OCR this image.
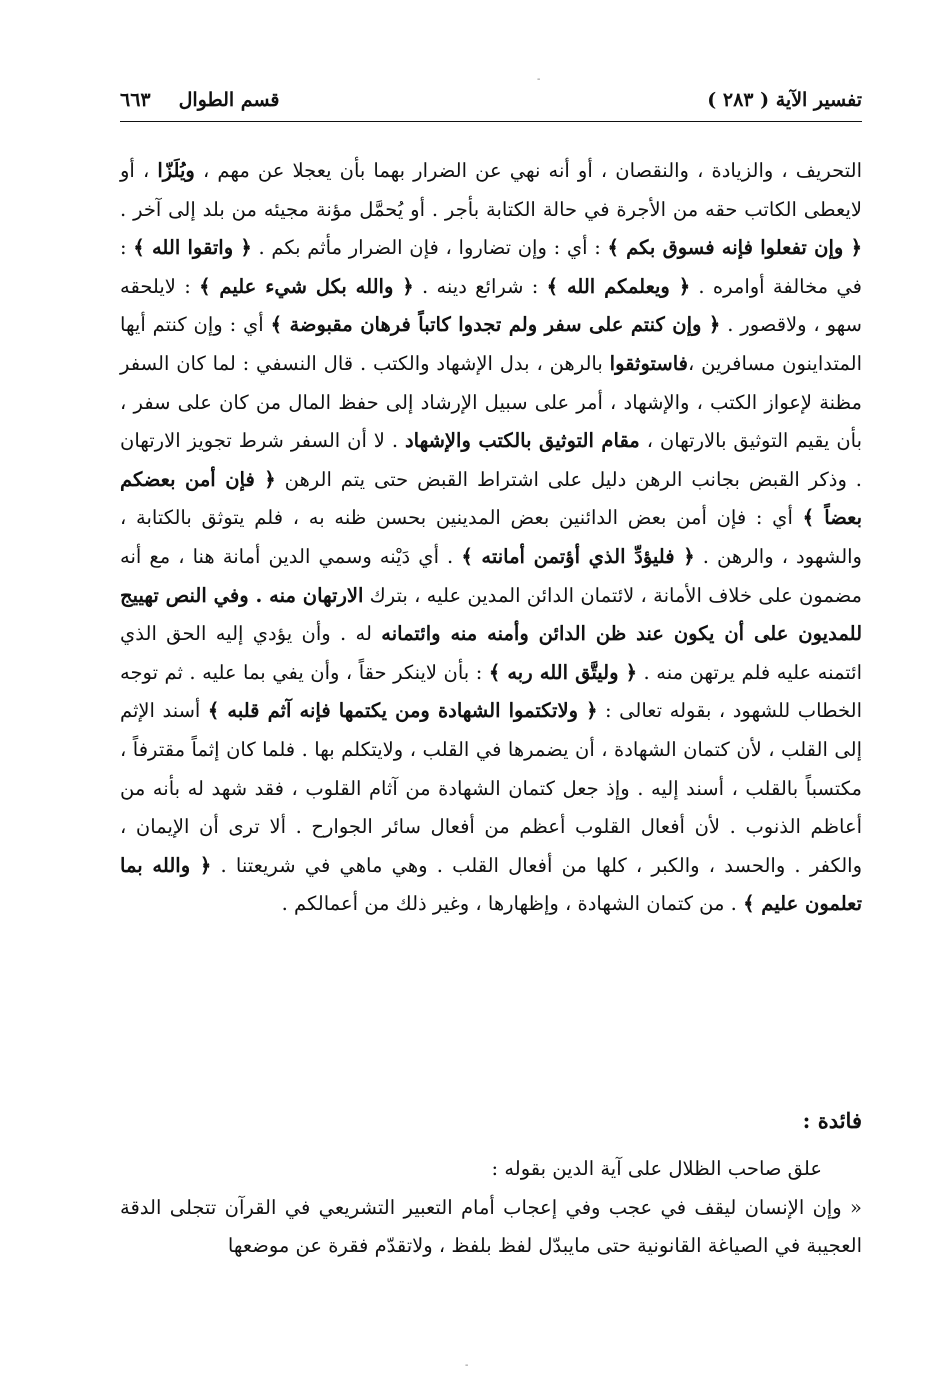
-
تفسير الآية ( ٢٨٣ )
قسم الطوال٦٦٣

التحريف ، والزيادة ، والنقصان ، أو أنه نهي عن الضرار بهما بأن يعجلا عن مهم ، ويُلَزّا ، أو لايعطى الكاتب حقه من الأجرة في حالة الكتابة بأجر . أو يُحمَّل مؤنة مجيئه من بلد إلى آخر . ﴿ وإن تفعلوا فإنه فسوق بكم ﴾ : أي : وإن تضاروا ، فإن الضرار مأثم بكم . ﴿ واتقوا الله ﴾ : في مخالفة أوامره . ﴿ ويعلمكم الله ﴾ : شرائع دينه . ﴿ والله بكل شيء عليم ﴾ : لايلحقه سهو ، ولاقصور . ﴿ وإن كنتم على سفر ولم تجدوا كاتباً فرهان مقبوضة ﴾ أي : وإن كنتم أيها المتداينون مسافرين ،فاستوثقوا بالرهن ، بدل الإشهاد والكتب . قال النسفي : لما كان السفر مظنة لإعواز الكتب ، والإشهاد ، أمر على سبيل الإرشاد إلى حفظ المال من كان على سفر ، بأن يقيم التوثيق بالارتهان ، مقام التوثيق بالكتب والإشهاد . لا أن السفر شرط تجويز الارتهان . وذكر القبض بجانب الرهن دليل على اشتراط القبض حتى يتم الرهن ﴿ فإن أمن بعضكم بعضاً ﴾ أي : فإن أمن بعض الدائنين بعض المدينين بحسن ظنه به ، فلم يتوثق بالكتابة ، والشهود ، والرهن . ﴿ فليؤدِّ الذي أؤتمن أمانته ﴾ . أي دَيْنه وسمي الدين أمانة هنا ، مع أنه مضمون على خلاف الأمانة ، لائتمان الدائن المدين عليه ، بترك الارتهان منه . وفي النص تهييج للمديون على أن يكون عند ظن الدائن وأمنه منه وائتمانه له . وأن يؤدي إليه الحق الذي ائتمنه عليه فلم يرتهن منه . ﴿ وليتَّق الله ربه ﴾ : بأن لاينكر حقاً ، وأن يفي بما عليه . ثم توجه الخطاب للشهود ، بقوله تعالى : ﴿ ولاتكتموا الشهادة ومن يكتمها فإنه آثم قلبه ﴾ أسند الإثم إلى القلب ، لأن كتمان الشهادة ، أن يضمرها في القلب ، ولايتكلم بها . فلما كان إثماً مقترفاً ، مكتسباً بالقلب ، أسند إليه . وإذ جعل كتمان الشهادة من آثام القلوب ، فقد شهد له بأنه من أعاظم الذنوب . لأن أفعال القلوب أعظم من أفعال سائر الجوارح . ألا ترى أن الإيمان ، والكفر . والحسد ، والكبر ، كلها من أفعال القلب . وهي ماهي في شريعتنا . ﴿ والله بما تعلمون عليم ﴾ . من كتمان الشهادة ، وإظهارها ، وغير ذلك من أعمالكم .

فائدة :

علق صاحب الظلال على آية الدين بقوله :

« وإن الإنسان ليقف في عجب وفي إعجاب أمام التعبير التشريعي في القرآن تتجلى الدقة العجيبة في الصياغة القانونية حتى مايبدّل لفظ بلفظ ، ولاتقدّم فقرة عن موضعها

-
